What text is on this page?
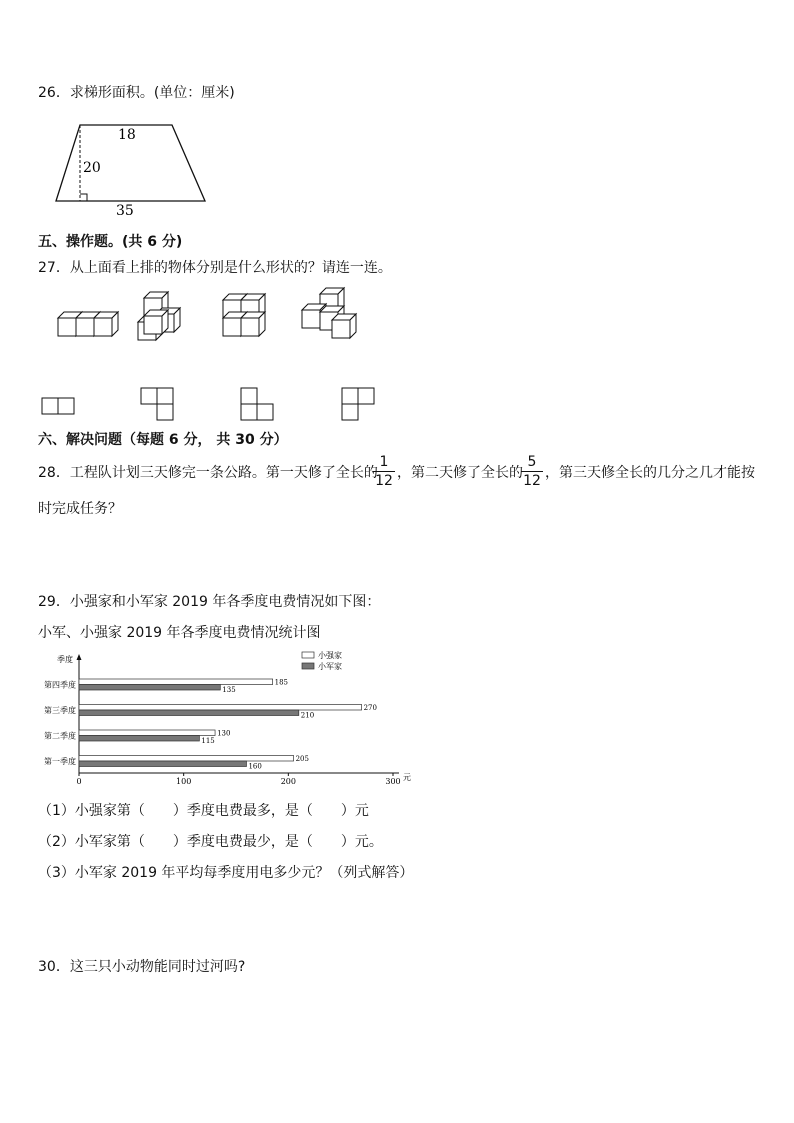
26．求梯形面积。(单位：厘米)
18
20
35
五、操作题。(共 6 分)
27．从上面看上排的物体分别是什么形状的？请连一连。
六、解决问题（每题 6 分， 共 30 分）
28．工程队计划三天修完一条公路。第一天修了全长的
1
12 ，第二天修了全长的
5
12 ，第三天修全长的几分之几才能按
时完成任务？
29．小强家和小军家 2019 年各季度电费情况如下图：
小军、小强家 2019 年各季度电费情况统计图
季度
元
0	100	200	300
第一季度	205
160
第二季度	130
115
第三季度	270
210
第四季度	185
135
小强家
小军家
（1）小强家第（　　）季度电费最多，是（　　）元
（2）小军家第（　　）季度电费最少，是（　　）元。
（3）小军家 2019 年平均每季度用电多少元？（列式解答）
30．这三只小动物能同时过河吗?
